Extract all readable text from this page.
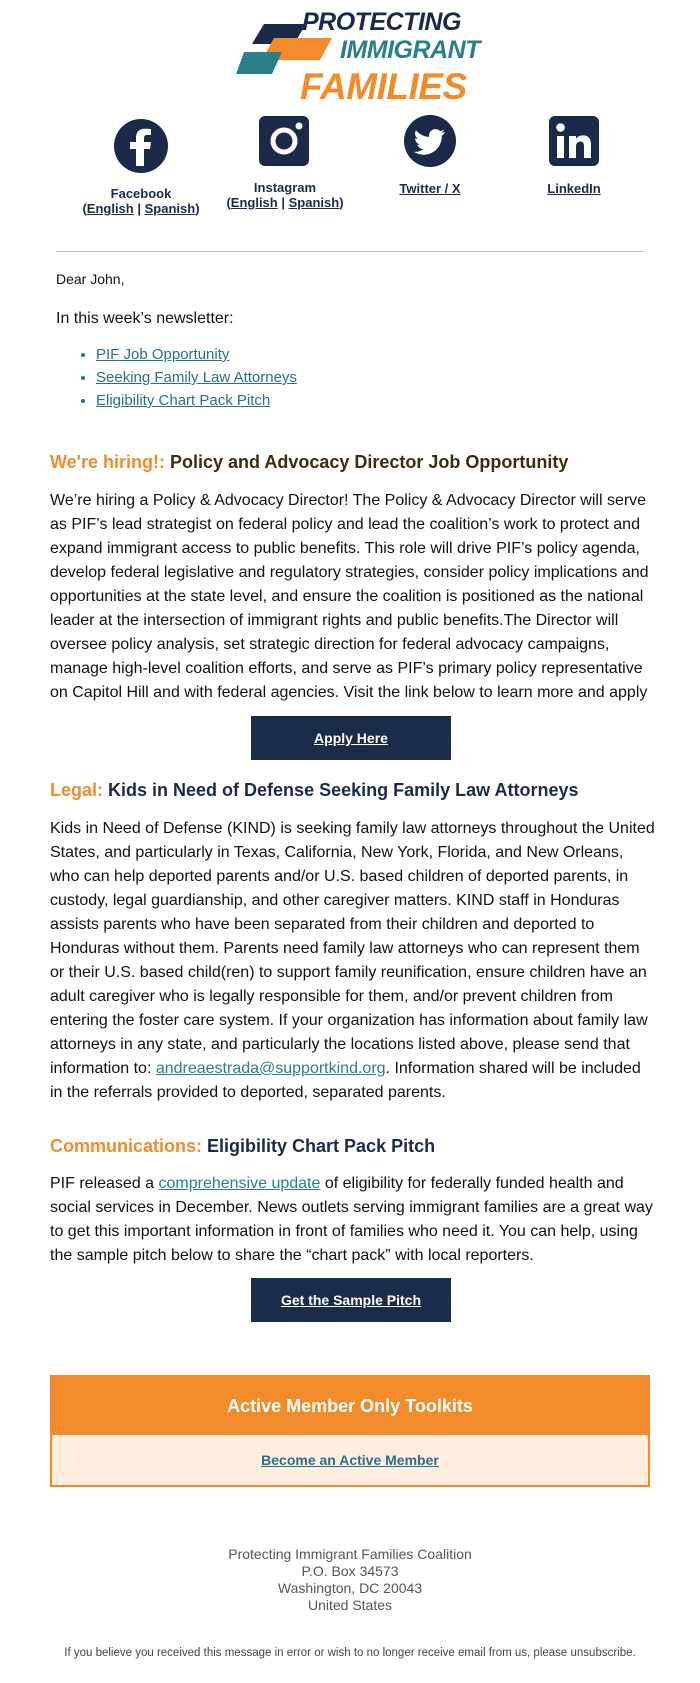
PROTECTING
IMMIGRANT
FAMILIES
Facebook
(English | Spanish)
Instagram
(English | Spanish)
Twitter / X	LinkedIn
Dear John,
In this week’s newsletter:
• PIF Job Opportunity
• Seeking Family Law Attorneys
• Eligibility Chart Pack Pitch
We're hiring!: Policy and Advocacy Director Job Opportunity
We’re hiring a Policy & Advocacy Director! The Policy & Advocacy Director will serve as PIF’s lead strategist on federal policy and lead the coalition’s work to protect and expand immigrant access to public benefits. This role will drive PIF’s policy agenda, develop federal legislative and regulatory strategies, consider policy implications and opportunities at the state level, and ensure the coalition is positioned as the national leader at the intersection of immigrant rights and public benefits.The Director will oversee policy analysis, set strategic direction for federal advocacy campaigns, manage high-level coalition efforts, and serve as PIF’s primary policy representative on Capitol Hill and with federal agencies. Visit the link below to learn more and apply
Apply Here
Legal: Kids in Need of Defense Seeking Family Law Attorneys
Kids in Need of Defense (KIND) is seeking family law attorneys throughout the United States, and particularly in Texas, California, New York, Florida, and New Orleans, who can help deported parents and/or U.S. based children of deported parents, in custody, legal guardianship, and other caregiver matters. KIND staff in Honduras assists parents who have been separated from their children and deported to Honduras without them. Parents need family law attorneys who can represent them or their U.S. based child(ren) to support family reunification, ensure children have an adult caregiver who is legally responsible for them, and/or prevent children from entering the foster care system. If your organization has information about family law attorneys in any state, and particularly the locations listed above, please send that information to: andreaestrada@supportkind.org. Information shared will be included in the referrals provided to deported, separated parents.
Communications: Eligibility Chart Pack Pitch
PIF released a comprehensive update of eligibility for federally funded health and social services in December. News outlets serving immigrant families are a great way to get this important information in front of families who need it. You can help, using the sample pitch below to share the “chart pack” with local reporters.
Get the Sample Pitch
Active Member Only Toolkits
Become an Active Member
Protecting Immigrant Families Coalition
P.O. Box 34573
Washington, DC 20043
United States
If you believe you received this message in error or wish to no longer receive email from us, please unsubscribe.
